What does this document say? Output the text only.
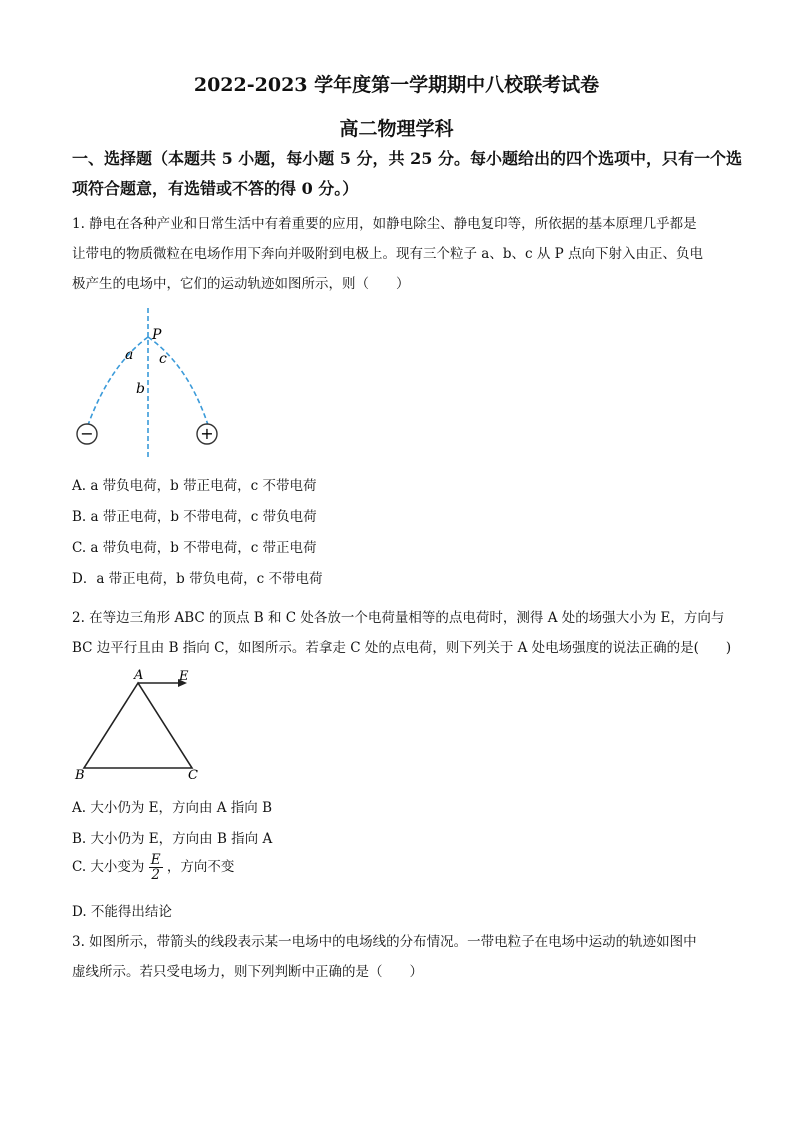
2022-2023 学年度第一学期期中八校联考试卷
高二物理学科
一、选择题（本题共 5 小题，每小题 5 分，共 25 分。每小题给出的四个选项中，只有一个选
项符合题意，有选错或不答的得 0 分。）
1. 静电在各种产业和日常生活中有着重要的应用，如静电除尘、静电复印等，所依据的基本原理几乎都是
让带电的物质微粒在电场作用下奔向并吸附到电极上。现有三个粒子 a、b、c 从 P 点向下射入由正、负电
极产生的电场中，它们的运动轨迹如图所示，则（　　）
P
a
b
c
−	+
A. a 带负电荷，b 带正电荷，c 不带电荷
B. a 带正电荷，b 不带电荷，c 带负电荷
C. a 带负电荷，b 不带电荷，c 带正电荷
D．a 带正电荷，b 带负电荷，c 不带电荷
2. 在等边三角形 ABC 的顶点 B 和 C 处各放一个电荷量相等的点电荷时，测得 A 处的场强大小为 E，方向与
BC 边平行且由 B 指向 C，如图所示。若拿走 C 处的点电荷，则下列关于 A 处电场强度的说法正确的是(　　)
A
B	C
E
A. 大小仍为 E，方向由 A 指向 B
B. 大小仍为 E，方向由 B 指向 A
C. 大小变为 $\frac{E}{2}$ ，方向不变
D. 不能得出结论
3. 如图所示，带箭头的线段表示某一电场中的电场线的分布情况。一带电粒子在电场中运动的轨迹如图中
虚线所示。若只受电场力，则下列判断中正确的是（　　）
